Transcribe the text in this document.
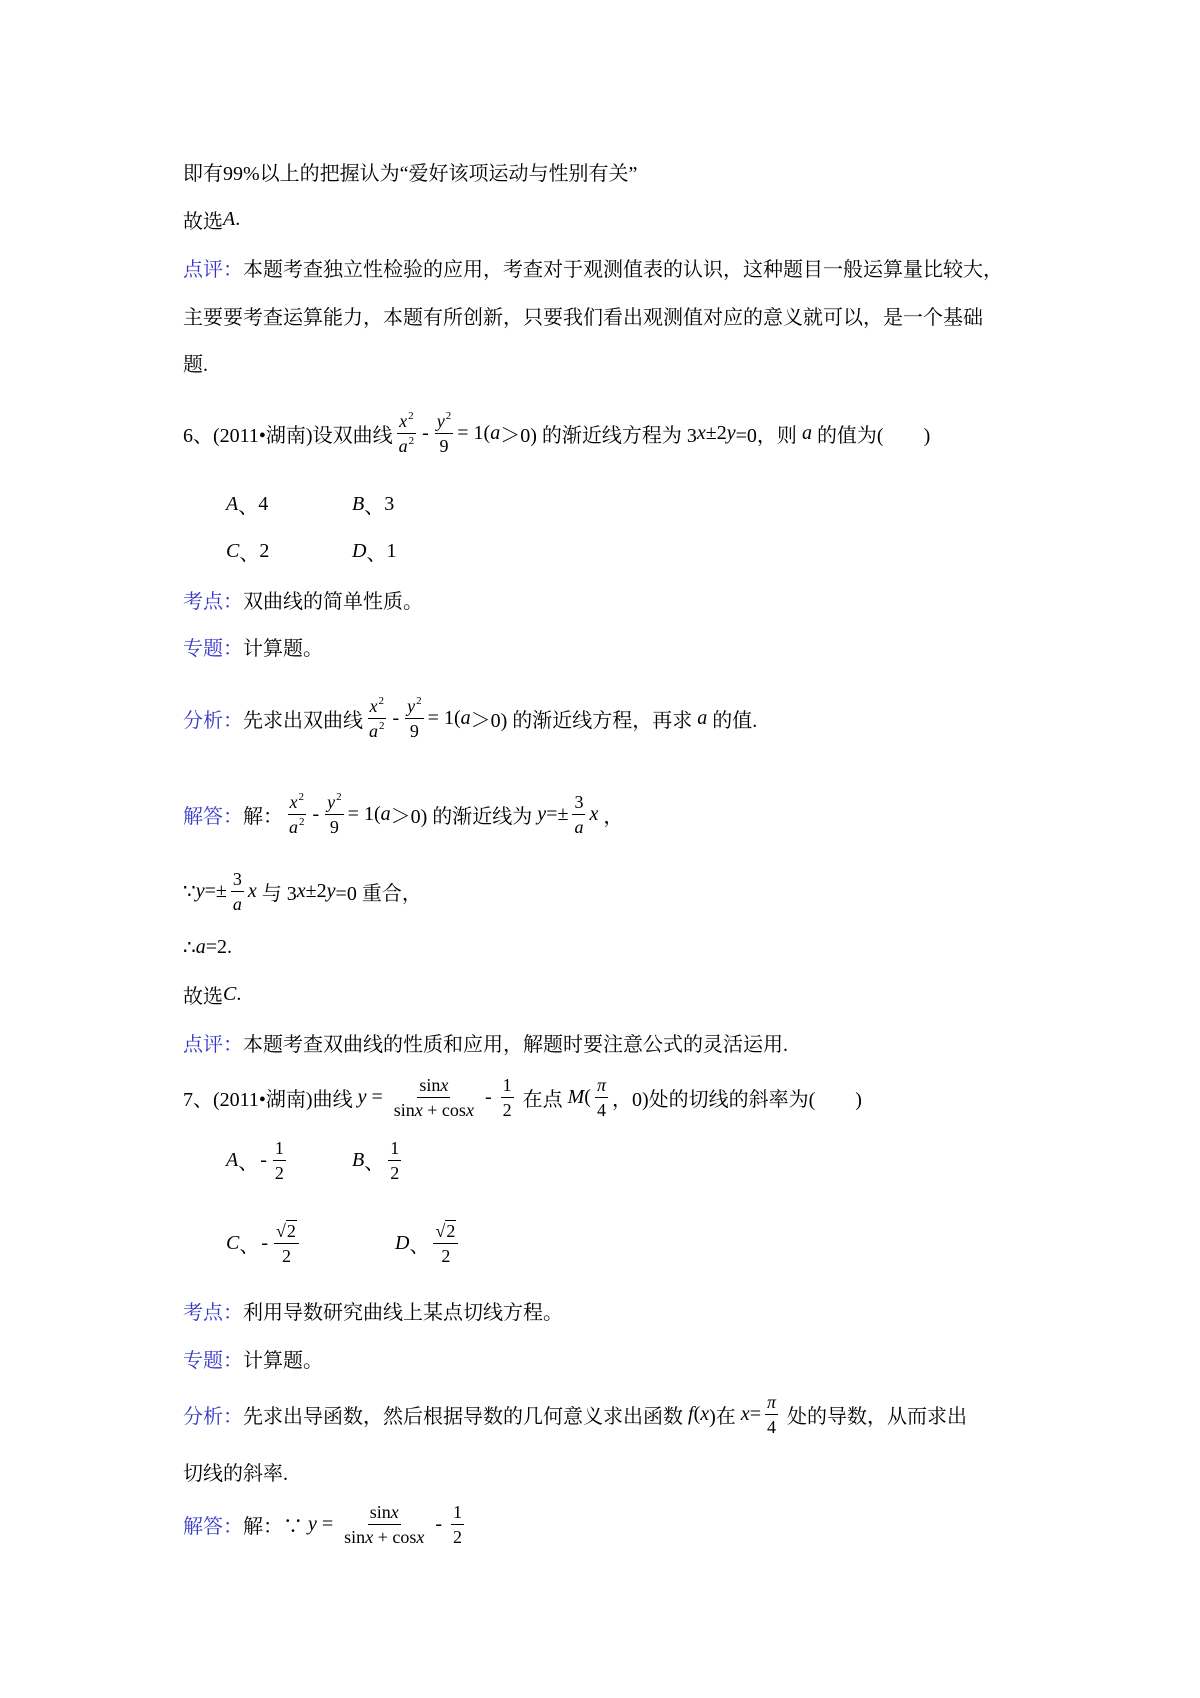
即有99%以上的把握认为“爱好该项运动与性别有关”
故选 A .
点评： 本题考查独立性检验的应用，考查对于观测值表的认识，这种题目一般运算量比较大，
主要要考查运算能力，本题有所创新，只要我们看出观测值对应的意义就可以，是一个基础
题.
6、 (2011•湖南) 设双曲线 $\frac{x^2}{a^2} - \frac{y^2}{9} = 1$( a ＞0) 的渐近线方程为 3 x ±2 y =0，则 a 的值为(        )
A 、 4	B 、 3
C 、 2	D 、 1
考点： 双曲线的简单性质。
专题： 计算题。
分析： 先求出双曲线 $\frac{x^2}{a^2} - \frac{y^2}{9} = 1$( a ＞0) 的渐近线方程，再求 a 的值.
解答： 解： $\frac{x^2}{a^2} - \frac{y^2}{9} = 1$( a ＞0) 的渐近线为 $y =\pm \frac{3}{a}$ x ，
∵ $y =\pm \frac{3}{a}$ x 与 3 x ±2 y =0 重合，
∴ a =2.
故选 C .
点评： 本题考查双曲线的性质和应用，解题时要注意公式的灵活运用.
7、 (2011•湖南) 曲线 $y = \frac{\sin x}{\sin x + \cos x} - \frac{1}{2}$ 在点 M ( $\frac{\pi}{4}$ ，0)处的切线的斜率为(        )
A 、 - $\frac{1}{2}$	B 、 $\frac{1}{2}$
C 、 - $\frac{√2}{2}$	D 、 $\frac{√2}{2}$
考点： 利用导数研究曲线上某点切线方程。
专题： 计算题。
分析： 先求出导函数，然后根据导数的几何意义求出函数 f ( x )在 $x = \frac{\pi}{4}$ 处的导数，从而求出
切线的斜率.
解答： 解：∵ $y = \frac{\sin x}{\sin x + \cos x} - \frac{1}{2}$
